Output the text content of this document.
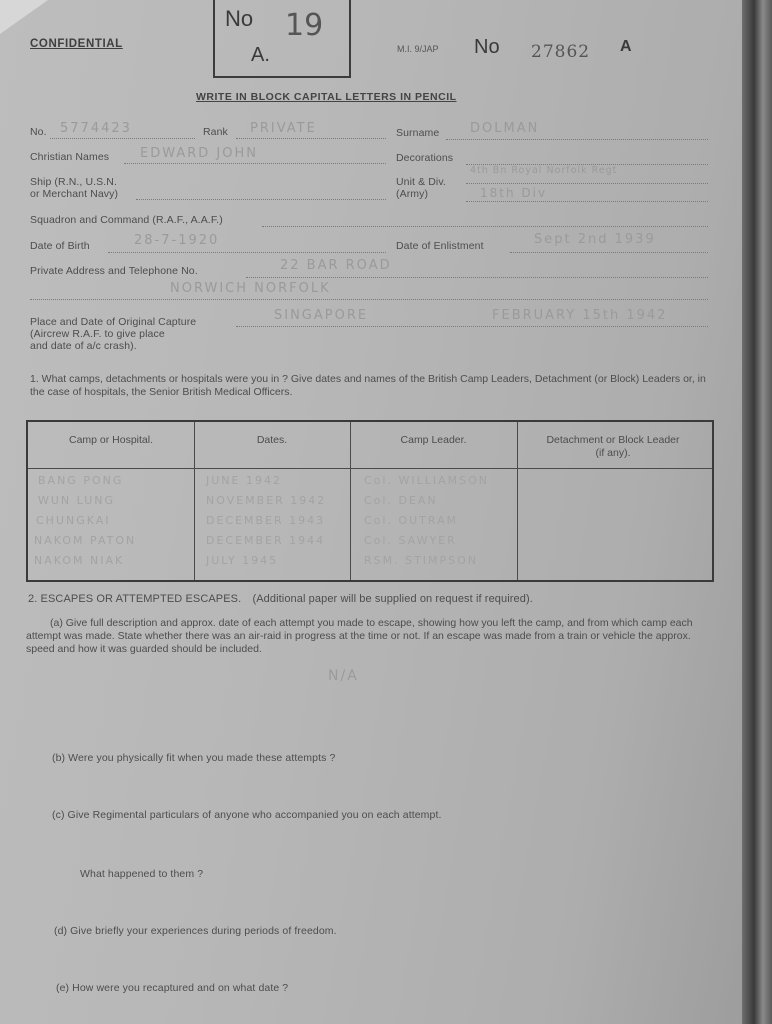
CONFIDENTIAL
No 19
A.	M.I. 9/JAP No 27862 A
WRITE IN BLOCK CAPITAL LETTERS IN PENCIL
No. 5774423	Rank PRIVATE	Surname DOLMAN
Christian Names EDWARD JOHN	Decorations
Ship (R.N., U.S.N.
or Merchant Navy)
Unit & Div.
(Army)
4th Bn Royal Norfolk Regt
18th Div
Squadron and Command (R.A.F., A.A.F.)
Date of Birth	28-7-1920	Date of Enlistment	Sept 2nd 1939
Private Address and Telephone No.	22 BAR ROAD
NORWICH NORFOLK
Place and Date of Original Capture
(Aircrew R.A.F. to give place
and date of a/c crash).
SINGAPORE	FEBRUARY 15th 1942
1. What camps, detachments or hospitals were you in ? Give dates and names of the British Camp Leaders, Detachment (or Block) Leaders or, in the case of hospitals, the Senior British Medical Officers.
Camp or Hospital.	Dates.	Camp Leader.	Detachment or Block Leader (if any).
BANG PONG	JUNE 1942	Col. WILLIAMSON
WUN LUNG	NOVEMBER 1942	Col. DEAN
CHUNGKAI	DECEMBER 1943	Col. OUTRAM
NAKOM PATON	DECEMBER 1944	Col. SAWYER
NAKOM NIAK	JULY 1945	RSM. STIMPSON
2. ESCAPES OR ATTEMPTED ESCAPES. (Additional paper will be supplied on request if required).
(a) Give full description and approx. date of each attempt you made to escape, showing how you left the camp, and from which camp each attempt was made. State whether there was an air-raid in progress at the time or not. If an escape was made from a train or vehicle the approx. speed and how it was guarded should be included.
N/A
(b) Were you physically fit when you made these attempts ?
(c) Give Regimental particulars of anyone who accompanied you on each attempt.
What happened to them ?
(d) Give briefly your experiences during periods of freedom.
(e) How were you recaptured and on what date ?
